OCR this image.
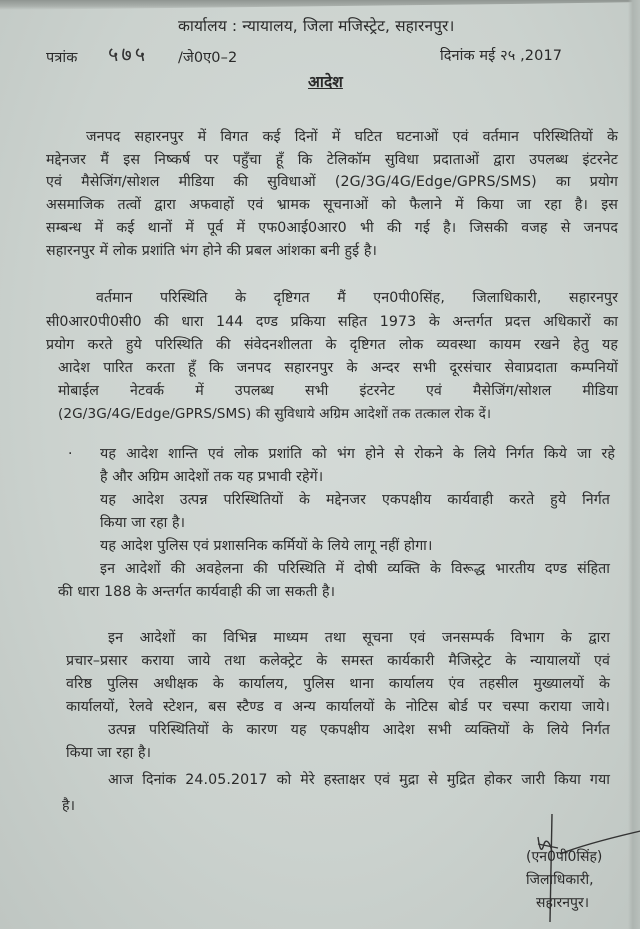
कार्यालय : न्यायालय, जिला मजिस्ट्रेट, सहारनपुर।
पत्रांक ५७५ /जे0ए0–2	दिनांक मई २५ ,2017
आदेश
जनपद सहारनपुर में विगत कई दिनों में घटित घटनाओं एवं वर्तमान परिस्थितियों के
मद्देनजर मैं इस निष्कर्ष पर पहुँचा हूँ कि टेलिकॉम सुविधा प्रदाताओं द्वारा उपलब्ध इंटरनेट
एवं मैसेजिंग/सोशल मीडिया की सुविधाओं (2G/3G/4G/Edge/GPRS/SMS) का प्रयोग
असमाजिक तत्वों द्वारा अफवाहों एवं भ्रामक सूचनाओं को फैलाने में किया जा रहा है। इस
सम्बन्ध में कई थानों में पूर्व में एफ0आई0आर0 भी की गई है। जिसकी वजह से जनपद
सहारनपुर में लोक प्रशांति भंग होने की प्रबल आंशका बनी हुई है।
वर्तमान परिस्थिति के दृष्टिगत मैं एन0पी0सिंह, जिलाधिकारी, सहारनपुर
सी0आर0पी0सी0 की धारा 144 दण्ड प्रकिया सहित 1973 के अन्तर्गत प्रदत्त अधिकारों का
प्रयोग करते हुये परिस्थिति की संवेदनशीलता के दृष्टिगत लोक व्यवस्था कायम रखने हेतु यह
आदेश पारित करता हूँ कि जनपद सहारनपुर के अन्दर सभी दूरसंचार सेवाप्रदाता कम्पनियों
मोबाईल नेटवर्क में उपलब्ध सभी इंटरनेट एवं मैसेजिंग/सोशल मीडिया
(2G/3G/4G/Edge/GPRS/SMS) की सुविधाये अग्रिम आदेशों तक तत्काल रोक दें।
· यह आदेश शान्ति एवं लोक प्रशांति को भंग होने से रोकने के लिये निर्गत किये जा रहे
है और अग्रिम आदेशों तक यह प्रभावी रहेगें।
यह आदेश उत्पन्न परिस्थितियों के मद्देनजर एकपक्षीय कार्यवाही करते हुये निर्गत
किया जा रहा है।
यह आदेश पुलिस एवं प्रशासनिक कर्मियों के लिये लागू नहीं होगा।
इन आदेशों की अवहेलना की परिस्थिति में दोषी व्यक्ति के विरूद्ध भारतीय दण्ड संहिता
की धारा 188 के अन्तर्गत कार्यवाही की जा सकती है।
इन आदेशों का विभिन्न माध्यम तथा सूचना एवं जनसम्पर्क विभाग के द्वारा
प्रचार–प्रसार कराया जाये तथा कलेक्ट्रेट के समस्त कार्यकारी मैजिस्ट्रेट के न्यायालयों एवं
वरिष्ठ पुलिस अधीक्षक के कार्यालय, पुलिस थाना कार्यालय एंव तहसील मुख्यालयों के
कार्यालयों, रेलवे स्टेशन, बस स्टैण्ड व अन्य कार्यालयों के नोटिस बोर्ड पर चस्पा कराया जाये।
उत्पन्न परिस्थितियों के कारण यह एकपक्षीय आदेश सभी व्यक्तियों के लिये निर्गत
किया जा रहा है।
आज दिनांक 24.05.2017 को मेरे हस्ताक्षर एवं मुद्रा से मुद्रित होकर जारी किया गया
है।
(एन0पी0सिंह)
जिलाधिकारी,
सहारनपुर।
